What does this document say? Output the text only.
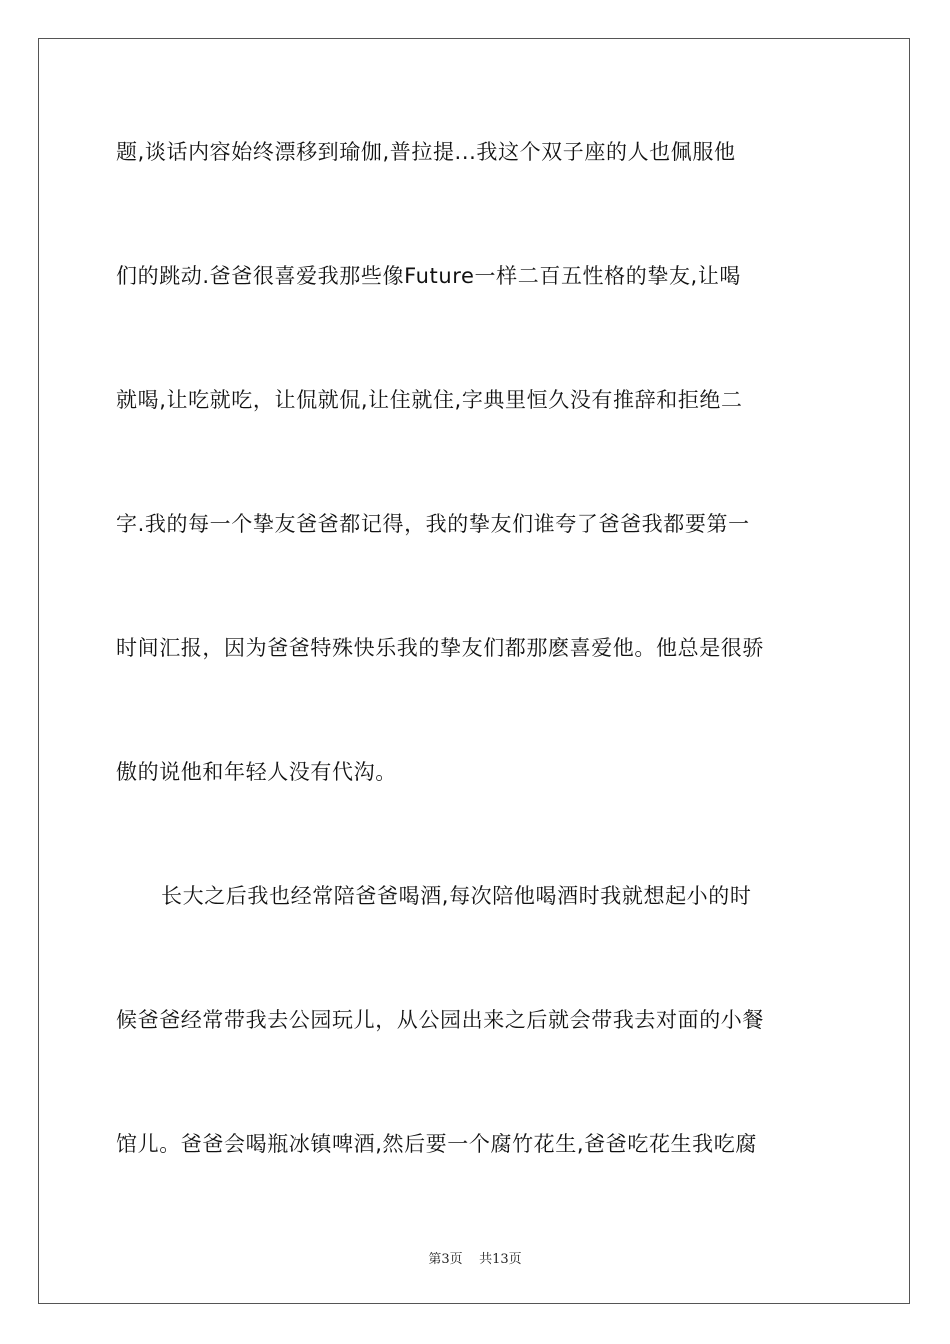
题,谈话内容始终漂移到瑜伽,普拉提...我这个双子座的人也佩服他
们的跳动.爸爸很喜爱我那些像Future一样二百五性格的挚友,让喝
就喝,让吃就吃，让侃就侃,让住就住,字典里恒久没有推辞和拒绝二
字.我的每一个挚友爸爸都记得，我的挚友们谁夸了爸爸我都要第一
时间汇报，因为爸爸特殊快乐我的挚友们都那麽喜爱他。他总是很骄
傲的说他和年轻人没有代沟。
长大之后我也经常陪爸爸喝酒,每次陪他喝酒时我就想起小的时
候爸爸经常带我去公园玩儿，从公园出来之后就会带我去对面的小餐
馆儿。爸爸会喝瓶冰镇啤酒,然后要一个腐竹花生,爸爸吃花生我吃腐
第3页    共13页
